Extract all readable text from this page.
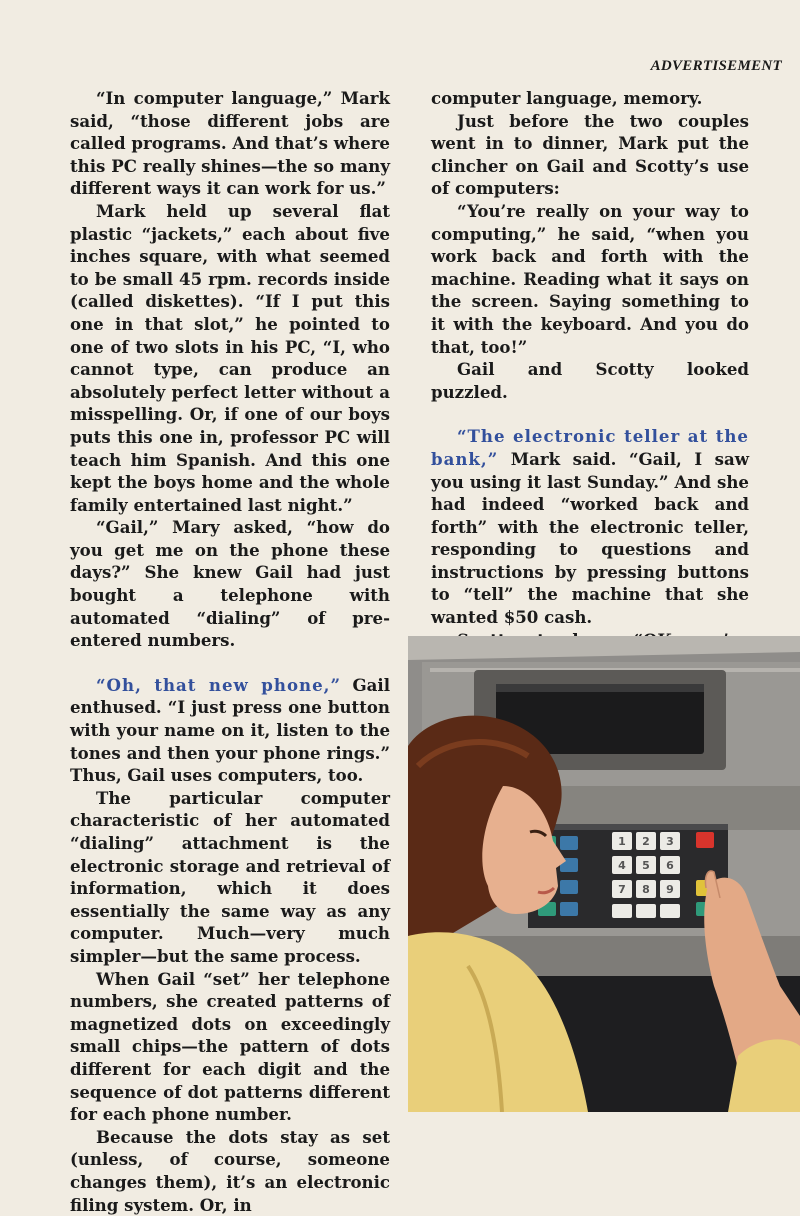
ADVERTISEMENT

“In computer language,” Mark said, “those different jobs are called programs. And that’s where this PC really shines—the so many different ways it can work for us.”

Mark held up several flat plastic “jackets,” each about five inches square, with what seemed to be small 45 rpm. records inside (called diskettes). “If I put this one in that slot,” he pointed to one of two slots in his PC, “I, who cannot type, can produce an absolutely perfect letter without a misspelling. Or, if one of our boys puts this one in, professor PC will teach him Spanish. And this one kept the boys home and the whole family entertained last night.”

“Gail,” Mary asked, “how do you get me on the phone these days?” She knew Gail had just bought a telephone with automated “dialing” of pre-entered numbers.

“Oh, that new phone,” Gail enthused. “I just press one button with your name on it, listen to the tones and then your phone rings.” Thus, Gail uses computers, too.

The particular computer characteristic of her automated “dialing” attachment is the electronic storage and retrieval of information, which it does essentially the same way as any computer. Much—very much simpler—but the same process.

When Gail “set” her telephone numbers, she created patterns of magnetized dots on exceedingly small chips—the pattern of dots different for each digit and the sequence of dot patterns different for each phone number.

Because the dots stay as set (unless, of course, someone changes them), it’s an electronic filing system. Or, in

computer language, memory.

Just before the two couples went in to dinner, Mark put the clincher on Gail and Scotty’s use of computers:

“You’re really on your way to computing,” he said, “when you work back and forth with the machine. Reading what it says on the screen. Saying something to it with the keyboard. And you do that, too!”

Gail and Scotty looked puzzled.

“The electronic teller at the bank,” Mark said. “Gail, I saw you using it last Sunday.” And she had indeed “worked back and forth” with the electronic teller, responding to questions and instructions by pressing buttons to “tell” the machine that she wanted $50 cash.

1 2 3
4 5 6
7 8 9
